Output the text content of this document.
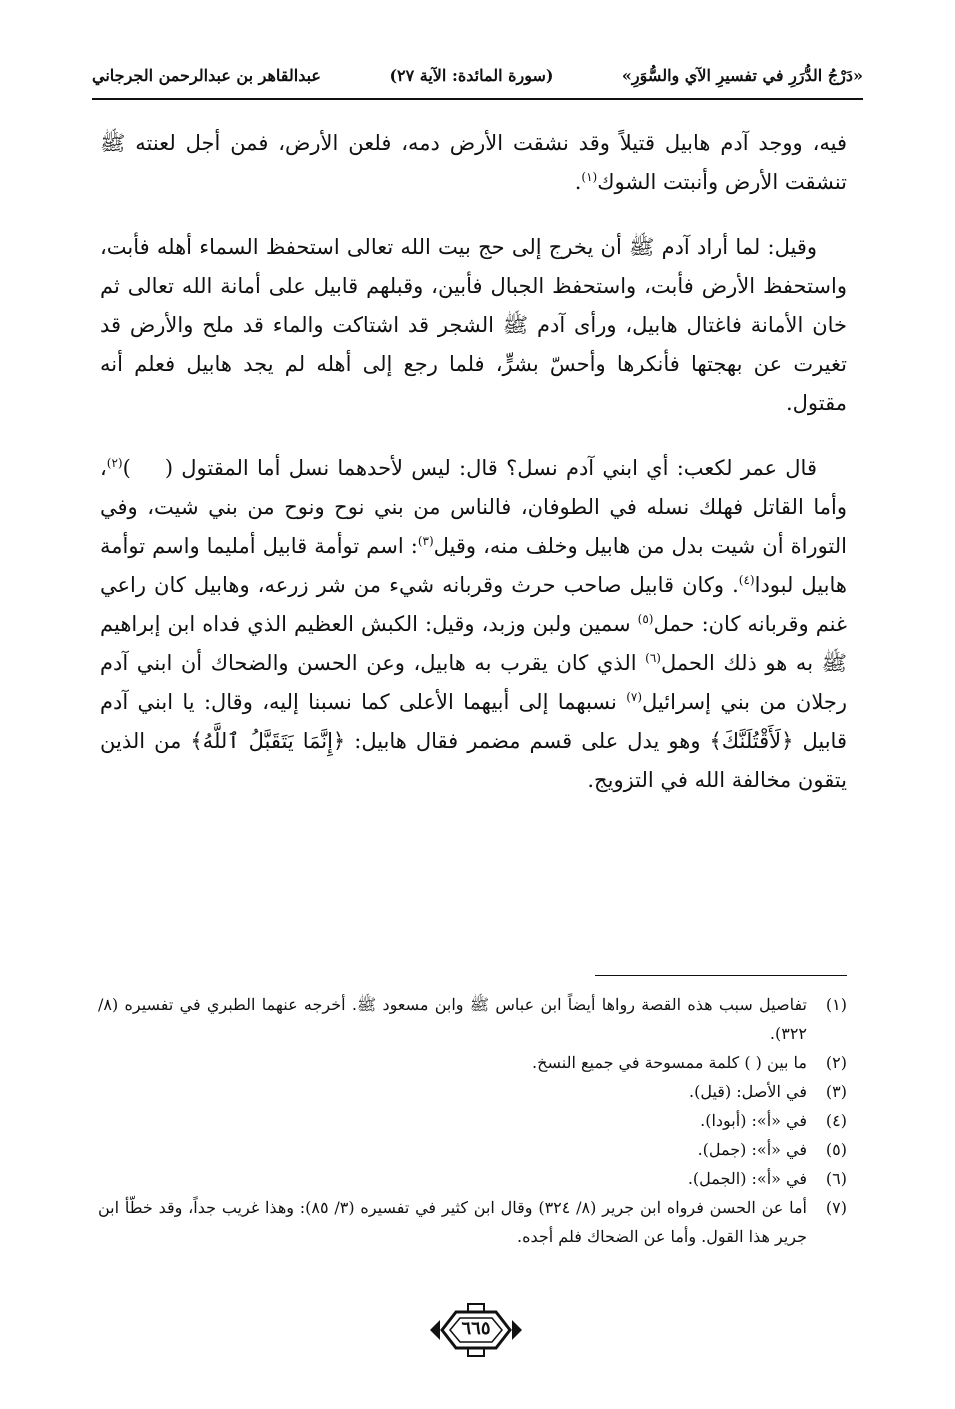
«دَرْجُ الدُّرَرِ في تفسيرِ الآي والسُّوَرِ»
(سورة المائدة: الآية ٢٧)
عبدالقاهر بن عبدالرحمن الجرجاني

فيه، ووجد آدم هابيل قتيلاً وقد نشقت الأرض دمه، فلعن الأرض، فمن أجل لعنته ﷺ تنشقت الأرض وأنبتت الشوك$^{(١)}$.

وقيل: لما أراد آدم ﷺ أن يخرج إلى حج بيت الله تعالى استحفظ السماء أهله فأبت، واستحفظ الأرض فأبت، واستحفظ الجبال فأبين، وقبلهم قابيل على أمانة الله تعالى ثم خان الأمانة فاغتال هابيل، ورأى آدم ﷺ الشجر قد اشتاكت والماء قد ملح والأرض قد تغيرت عن بهجتها فأنكرها وأحسّ بشرٍّ، فلما رجع إلى أهله لم يجد هابيل فعلم أنه مقتول.

قال عمر لكعب: أي ابني آدم نسل؟ قال: ليس لأحدهما نسل أما المقتول ()$^{(٢)}$، وأما القاتل فهلك نسله في الطوفان، فالناس من بني نوح ونوح من بني شيت، وفي التوراة أن شيت بدل من هابيل وخلف منه، وقيل$^{(٣)}$: اسم توأمة قابيل أمليما واسم توأمة هابيل لبودا$^{(٤)}$. وكان قابيل صاحب حرث وقربانه شيء من شر زرعه، وهابيل كان راعي غنم وقربانه كان: حمل$^{(٥)}$ سمين ولبن وزبد، وقيل: الكبش العظيم الذي فداه ابن إبراهيم ﷺ به هو ذلك الحمل$^{(٦)}$ الذي كان يقرب به هابيل، وعن الحسن والضحاك أن ابني آدم رجلان من بني إسرائيل$^{(٧)}$ نسبهما إلى أبيهما الأعلى كما نسبنا إليه، وقال: يا ابني آدم قابيل ﴿لَأَقْتُلَنَّكَ﴾ وهو يدل على قسم مضمر فقال هابيل: ﴿إِنَّمَا يَتَقَبَّلُ ٱللَّهُ﴾ من الذين يتقون مخالفة الله في التزويج.

(١)
تفاصيل سبب هذه القصة رواها أيضاً ابن عباس ﷺ وابن مسعود ﷺ. أخرجه عنهما الطبري في تفسيره (٨/ ٣٢٢).
(٢)
ما بين ( ) كلمة ممسوحة في جميع النسخ.
(٣)
في الأصل: (قيل).
(٤)
في «أ»: (أبودا).
(٥)
في «أ»: (جمل).
(٦)
في «أ»: (الجمل).
(٧)
أما عن الحسن فرواه ابن جرير (٨/ ٣٢٤) وقال ابن كثير في تفسيره (٣/ ٨٥): وهذا غريب جداً، وقد خطّأ ابن جرير هذا القول. وأما عن الضحاك فلم أجده.
٦٦٥
